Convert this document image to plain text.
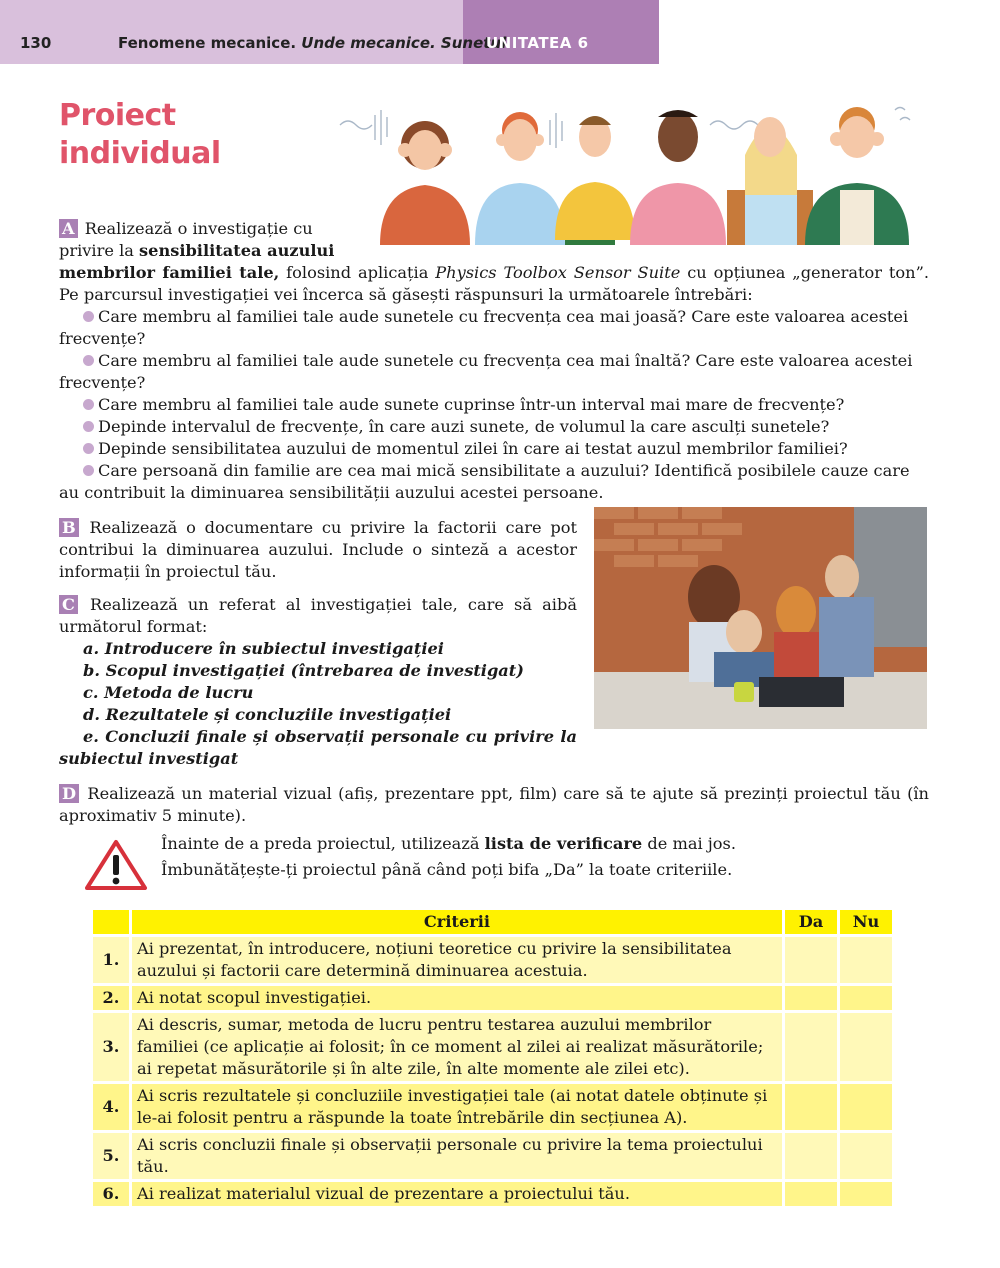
130	Fenomene mecanice. Unde mecanice. Sunetul
UNITATEA 6
Proiect
individual
A Realizează o investigație cu
privire la sensibilitatea auzului
membrilor familiei tale, folosind aplicația Physics Toolbox Sensor Suite cu opțiunea „generator ton”. Pe parcursul investigației vei încerca să găsești răspunsuri la următoarele întrebări:
Care membru al familiei tale aude sunetele cu frecvența cea mai joasă? Care este valoarea acestei frecvențe?
Care membru al familiei tale aude sunetele cu frecvența cea mai înaltă? Care este valoarea acestei frecvențe?
Care membru al familiei tale aude sunete cuprinse într-un interval mai mare de frecvențe?
Depinde intervalul de frecvențe, în care auzi sunete, de volumul la care asculți sunetele?
Depinde sensibilitatea auzului de momentul zilei în care ai testat auzul membrilor familiei?
Care persoană din familie are cea mai mică sensibilitate a auzului? Identifică posibilele cauze care au contribuit la diminuarea sensibilității auzului acestei persoane.
B Realizează o documentare cu privire la factorii care pot contribui la diminuarea auzului. Include o sinteză a acestor informații în proiectul tău.
C Realizează un referat al investigației tale, care să aibă următorul format:
a. Introducere în subiectul investigației
b. Scopul investigației (întrebarea de investigat)
c. Metoda de lucru
d. Rezultatele și concluziile investigației
e. Concluzii finale și observații personale cu privire la subiectul investigat
D Realizează un material vizual (afiș, prezentare ppt, film) care să te ajute să prezinți proiectul tău (în aproximativ 5 minute).
Înainte de a preda proiectul, utilizează lista de verificare de mai jos.
Îmbunătățește-ți proiectul până când poți bifa „Da” la toate criteriile.
	Criterii	Da	Nu
1.	Ai prezentat, în introducere, noțiuni teoretice cu privire la sensibilitatea auzului și factorii care determină diminuarea acestuia.		
2.	Ai notat scopul investigației.		
3.	Ai descris, sumar, metoda de lucru pentru testarea auzului membrilor familiei (ce aplicație ai folosit; în ce moment al zilei ai realizat măsurătorile; ai repetat măsurătorile și în alte zile, în alte momente ale zilei etc).		
4.	Ai scris rezultatele și concluziile investigației tale (ai notat datele obținute și le-ai folosit pentru a răspunde la toate întrebările din secțiunea A).		
5.	Ai scris concluzii finale și observații personale cu privire la tema proiectului tău.		
6.	Ai realizat materialul vizual de prezentare a proiectului tău.		
